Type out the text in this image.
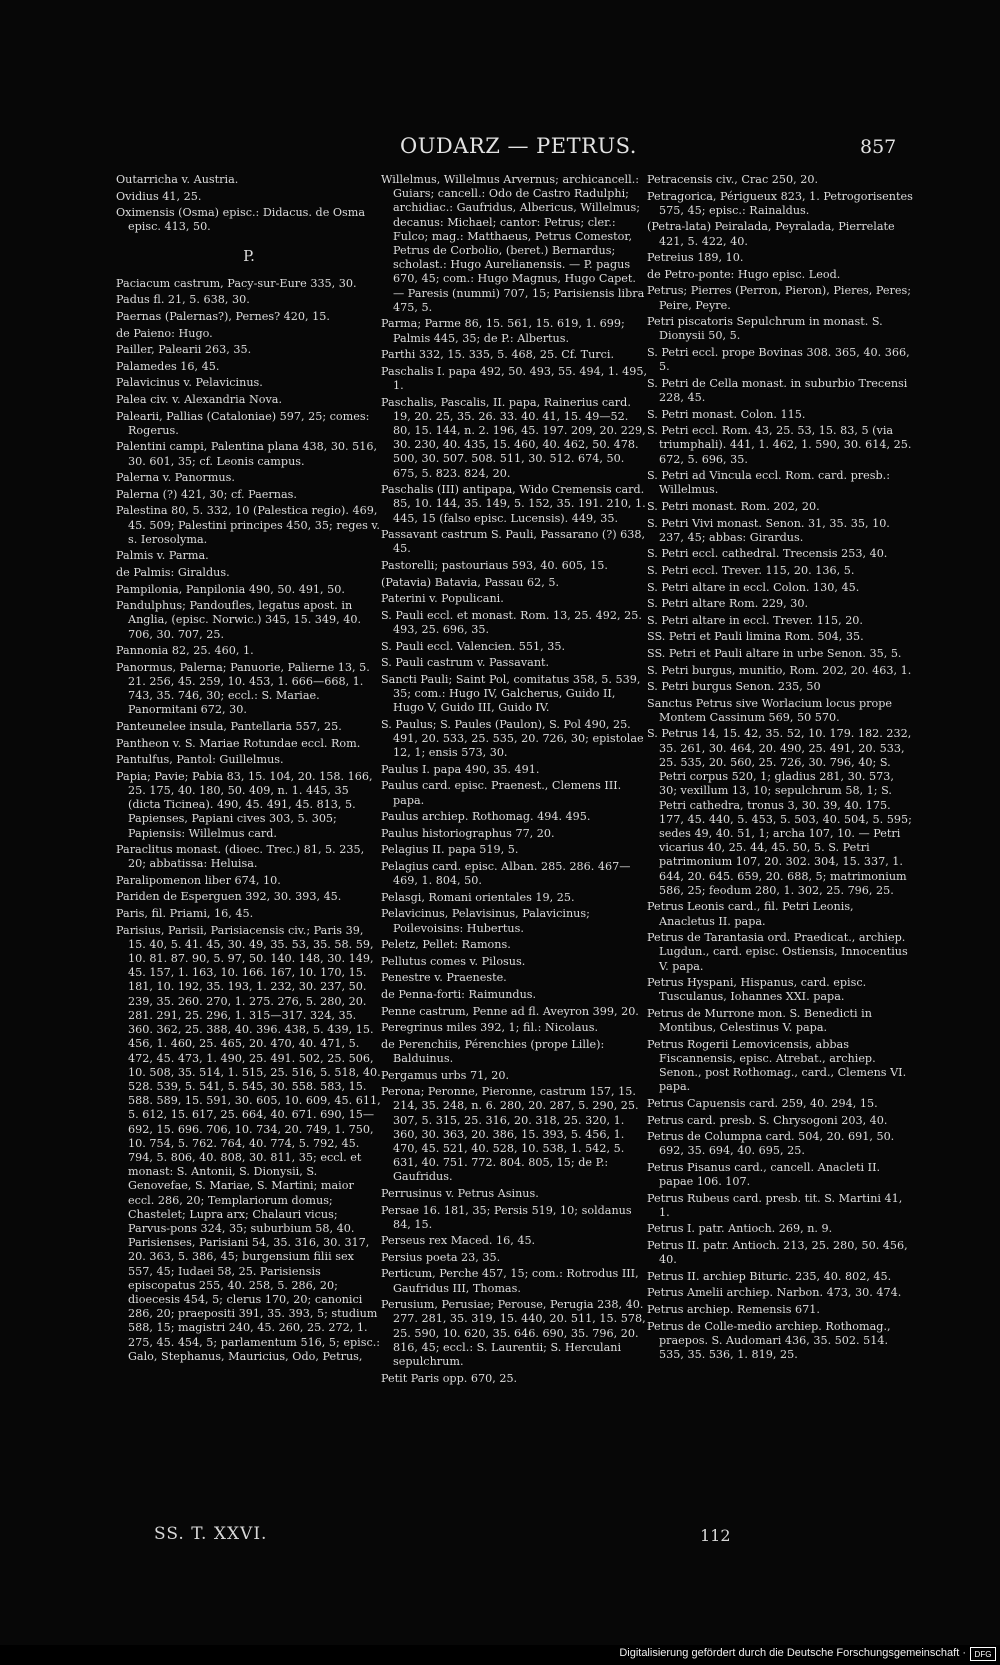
OUDARZ — PETRUS.	857
Outarricha v. Austria.
Ovidius 41, 25.
Oximensis (Osma) episc.: Didacus. de Osma episc. 413, 50.
P.
Paciacum castrum, Pacy-sur-Eure 335, 30.
Padus fl. 21, 5. 638, 30.
Paernas (Palernas?), Pernes? 420, 15.
de Paieno: Hugo.
Pailler, Palearii 263, 35.
Palamedes 16, 45.
Palavicinus v. Pelavicinus.
Palea civ. v. Alexandria Nova.
Palearii, Pallias (Cataloniae) 597, 25; comes: Rogerus.
Palentini campi, Palentina plana 438, 30. 516, 30. 601, 35; cf. Leonis campus.
Palerna v. Panormus.
Palerna (?) 421, 30; cf. Paernas.
Palestina 80, 5. 332, 10 (Palestica regio). 469, 45. 509; Palestini principes 450, 35; reges v. s. Ierosolyma.
Palmis v. Parma.
de Palmis: Giraldus.
Pampilonia, Panpilonia 490, 50. 491, 50.
Pandulphus; Pandoufles, legatus apost. in Anglia, (episc. Norwic.) 345, 15. 349, 40. 706, 30. 707, 25.
Pannonia 82, 25. 460, 1.
Panormus, Palerna; Panuorie, Palierne 13, 5. 21. 256, 45. 259, 10. 453, 1. 666—668, 1. 743, 35. 746, 30; eccl.: S. Mariae. Panormitani 672, 30.
Panteunelee insula, Pantellaria 557, 25.
Pantheon v. S. Mariae Rotundae eccl. Rom.
Pantulfus, Pantol: Guillelmus.
Papia; Pavie; Pabia 83, 15. 104, 20. 158. 166, 25. 175, 40. 180, 50. 409, n. 1. 445, 35 (dicta Ticinea). 490, 45. 491, 45. 813, 5. Papienses, Papiani cives 303, 5. 305; Papiensis: Willelmus card.
Paraclitus monast. (dioec. Trec.) 81, 5. 235, 20; abbatissa: Heluisa.
Paralipomenon liber 674, 10.
Pariden de Esperguen 392, 30. 393, 45.
Paris, fil. Priami, 16, 45.
Parisius, Parisii, Parisiacensis civ.; Paris 39, 15. 40, 5. 41. 45, 30. 49, 35. 53, 35. 58. 59, 10. 81. 87. 90, 5. 97, 50. 140. 148, 30. 149, 45. 157, 1. 163, 10. 166. 167, 10. 170, 15. 181, 10. 192, 35. 193, 1. 232, 30. 237, 50. 239, 35. 260. 270, 1. 275. 276, 5. 280, 20. 281. 291, 25. 296, 1. 315—317. 324, 35. 360. 362, 25. 388, 40. 396. 438, 5. 439, 15. 456, 1. 460, 25. 465, 20. 470, 40. 471, 5. 472, 45. 473, 1. 490, 25. 491. 502, 25. 506, 10. 508, 35. 514, 1. 515, 25. 516, 5. 518, 40. 528. 539, 5. 541, 5. 545, 30. 558. 583, 15. 588. 589, 15. 591, 30. 605, 10. 609, 45. 611, 5. 612, 15. 617, 25. 664, 40. 671. 690, 15—692, 15. 696. 706, 10. 734, 20. 749, 1. 750, 10. 754, 5. 762. 764, 40. 774, 5. 792, 45. 794, 5. 806, 40. 808, 30. 811, 35; eccl. et monast: S. Antonii, S. Dionysii, S. Genovefae, S. Mariae, S. Martini; maior eccl. 286, 20; Templariorum domus; Chastelet; Lupra arx; Chalauri vicus; Parvus-pons 324, 35; suburbium 58, 40. Parisienses, Parisiani 54, 35. 316, 30. 317, 20. 363, 5. 386, 45; burgensium filii sex 557, 45; Iudaei 58, 25. Parisiensis episcopatus 255, 40. 258, 5. 286, 20; dioecesis 454, 5; clerus 170, 20; canonici 286, 20; praepositi 391, 35. 393, 5; studium 588, 15; magistri 240, 45. 260, 25. 272, 1. 275, 45. 454, 5; parlamentum 516, 5; episc.: Galo, Stephanus, Mauricius, Odo, Petrus,
Willelmus, Willelmus Arvernus; archicancell.: Guiars; cancell.: Odo de Castro Radulphi; archidiac.: Gaufridus, Albericus, Willelmus; decanus: Michael; cantor: Petrus; cler.: Fulco; mag.: Matthaeus, Petrus Comestor, Petrus de Corbolio, (beret.) Bernardus; scholast.: Hugo Aurelianensis. — P. pagus 670, 45; com.: Hugo Magnus, Hugo Capet. — Paresis (nummi) 707, 15; Parisiensis libra 475, 5.
Parma; Parme 86, 15. 561, 15. 619, 1. 699; Palmis 445, 35; de P.: Albertus.
Parthi 332, 15. 335, 5. 468, 25. Cf. Turci.
Paschalis I. papa 492, 50. 493, 55. 494, 1. 495, 1.
Paschalis, Pascalis, II. papa, Rainerius card. 19, 20. 25, 35. 26. 33. 40. 41, 15. 49—52. 80, 15. 144, n. 2. 196, 45. 197. 209, 20. 229, 30. 230, 40. 435, 15. 460, 40. 462, 50. 478. 500, 30. 507. 508. 511, 30. 512. 674, 50. 675, 5. 823. 824, 20.
Paschalis (III) antipapa, Wido Cremensis card. 85, 10. 144, 35. 149, 5. 152, 35. 191. 210, 1. 445, 15 (falso episc. Lucensis). 449, 35.
Passavant castrum S. Pauli, Passarano (?) 638, 45.
Pastorelli; pastouriaus 593, 40. 605, 15.
(Patavia) Batavia, Passau 62, 5.
Paterini v. Populicani.
S. Pauli eccl. et monast. Rom. 13, 25. 492, 25. 493, 25. 696, 35.
S. Pauli eccl. Valencien. 551, 35.
S. Pauli castrum v. Passavant.
Sancti Pauli; Saint Pol, comitatus 358, 5. 539, 35; com.: Hugo IV, Galcherus, Guido II, Hugo V, Guido III, Guido IV.
S. Paulus; S. Paules (Paulon), S. Pol 490, 25. 491, 20. 533, 25. 535, 20. 726, 30; epistolae 12, 1; ensis 573, 30.
Paulus I. papa 490, 35. 491.
Paulus card. episc. Praenest., Clemens III. papa.
Paulus archiep. Rothomag. 494. 495.
Paulus historiographus 77, 20.
Pelagius II. papa 519, 5.
Pelagius card. episc. Alban. 285. 286. 467—469, 1. 804, 50.
Pelasgi, Romani orientales 19, 25.
Pelavicinus, Pelavisinus, Palavicinus; Poilevoisins: Hubertus.
Peletz, Pellet: Ramons.
Pellutus comes v. Pilosus.
Penestre v. Praeneste.
de Penna-forti: Raimundus.
Penne castrum, Penne ad fl. Aveyron 399, 20.
Peregrinus miles 392, 1; fil.: Nicolaus.
de Perenchiis, Pérenchies (prope Lille): Balduinus.
Pergamus urbs 71, 20.
Perona; Peronne, Pieronne, castrum 157, 15. 214, 35. 248, n. 6. 280, 20. 287, 5. 290, 25. 307, 5. 315, 25. 316, 20. 318, 25. 320, 1. 360, 30. 363, 20. 386, 15. 393, 5. 456, 1. 470, 45. 521, 40. 528, 10. 538, 1. 542, 5. 631, 40. 751. 772. 804. 805, 15; de P.: Gaufridus.
Perrusinus v. Petrus Asinus.
Persae 16. 181, 35; Persis 519, 10; soldanus 84, 15.
Perseus rex Maced. 16, 45.
Persius poeta 23, 35.
Perticum, Perche 457, 15; com.: Rotrodus III, Gaufridus III, Thomas.
Perusium, Perusiae; Perouse, Perugia 238, 40. 277. 281, 35. 319, 15. 440, 20. 511, 15. 578, 25. 590, 10. 620, 35. 646. 690, 35. 796, 20. 816, 45; eccl.: S. Laurentii; S. Herculani sepulchrum.
Petit Paris opp. 670, 25.
Petracensis civ., Crac 250, 20.
Petragorica, Périgueux 823, 1. Petrogorisentes 575, 45; episc.: Rainaldus.
(Petra-lata) Peiralada, Peyralada, Pierrelate 421, 5. 422, 40.
Petreius 189, 10.
de Petro-ponte: Hugo episc. Leod.
Petrus; Pierres (Perron, Pieron), Pieres, Peres; Peire, Peyre.
Petri piscatoris Sepulchrum in monast. S. Dionysii 50, 5.
S. Petri eccl. prope Bovinas 308. 365, 40. 366, 5.
S. Petri de Cella monast. in suburbio Trecensi 228, 45.
S. Petri monast. Colon. 115.
S. Petri eccl. Rom. 43, 25. 53, 15. 83, 5 (via triumphali). 441, 1. 462, 1. 590, 30. 614, 25. 672, 5. 696, 35.
S. Petri ad Vincula eccl. Rom. card. presb.: Willelmus.
S. Petri monast. Rom. 202, 20.
S. Petri Vivi monast. Senon. 31, 35. 35, 10. 237, 45; abbas: Girardus.
S. Petri eccl. cathedral. Trecensis 253, 40.
S. Petri eccl. Trever. 115, 20. 136, 5.
S. Petri altare in eccl. Colon. 130, 45.
S. Petri altare Rom. 229, 30.
S. Petri altare in eccl. Trever. 115, 20.
SS. Petri et Pauli limina Rom. 504, 35.
SS. Petri et Pauli altare in urbe Senon. 35, 5.
S. Petri burgus, munitio, Rom. 202, 20. 463, 1.
S. Petri burgus Senon. 235, 50
Sanctus Petrus sive Worlacium locus prope Montem Cassinum 569, 50 570.
S. Petrus 14, 15. 42, 35. 52, 10. 179. 182. 232, 35. 261, 30. 464, 20. 490, 25. 491, 20. 533, 25. 535, 20. 560, 25. 726, 30. 796, 40; S. Petri corpus 520, 1; gladius 281, 30. 573, 30; vexillum 13, 10; sepulchrum 58, 1; S. Petri cathedra, tronus 3, 30. 39, 40. 175. 177, 45. 440, 5. 453, 5. 503, 40. 504, 5. 595; sedes 49, 40. 51, 1; archa 107, 10. — Petri vicarius 40, 25. 44, 45. 50, 5. S. Petri patrimonium 107, 20. 302. 304, 15. 337, 1. 644, 20. 645. 659, 20. 688, 5; matrimonium 586, 25; feodum 280, 1. 302, 25. 796, 25.
Petrus Leonis card., fil. Petri Leonis, Anacletus II. papa.
Petrus de Tarantasia ord. Praedicat., archiep. Lugdun., card. episc. Ostiensis, Innocentius V. papa.
Petrus Hyspani, Hispanus, card. episc. Tusculanus, Iohannes XXI. papa.
Petrus de Murrone mon. S. Benedicti in Montibus, Celestinus V. papa.
Petrus Rogerii Lemovicensis, abbas Fiscannensis, episc. Atrebat., archiep. Senon., post Rothomag., card., Clemens VI. papa.
Petrus Capuensis card. 259, 40. 294, 15.
Petrus card. presb. S. Chrysogoni 203, 40.
Petrus de Columpna card. 504, 20. 691, 50. 692, 35. 694, 40. 695, 25.
Petrus Pisanus card., cancell. Anacleti II. papae 106. 107.
Petrus Rubeus card. presb. tit. S. Martini 41, 1.
Petrus I. patr. Antioch. 269, n. 9.
Petrus II. patr. Antioch. 213, 25. 280, 50. 456, 40.
Petrus II. archiep Bituric. 235, 40. 802, 45.
Petrus Amelii archiep. Narbon. 473, 30. 474.
Petrus archiep. Remensis 671.
Petrus de Colle-medio archiep. Rothomag., praepos. S. Audomari 436, 35. 502. 514. 535, 35. 536, 1. 819, 25.
SS. T. XXVI.	112
Digitalisierung gefördert durch die Deutsche Forschungsgemeinschaft ·	DFG
